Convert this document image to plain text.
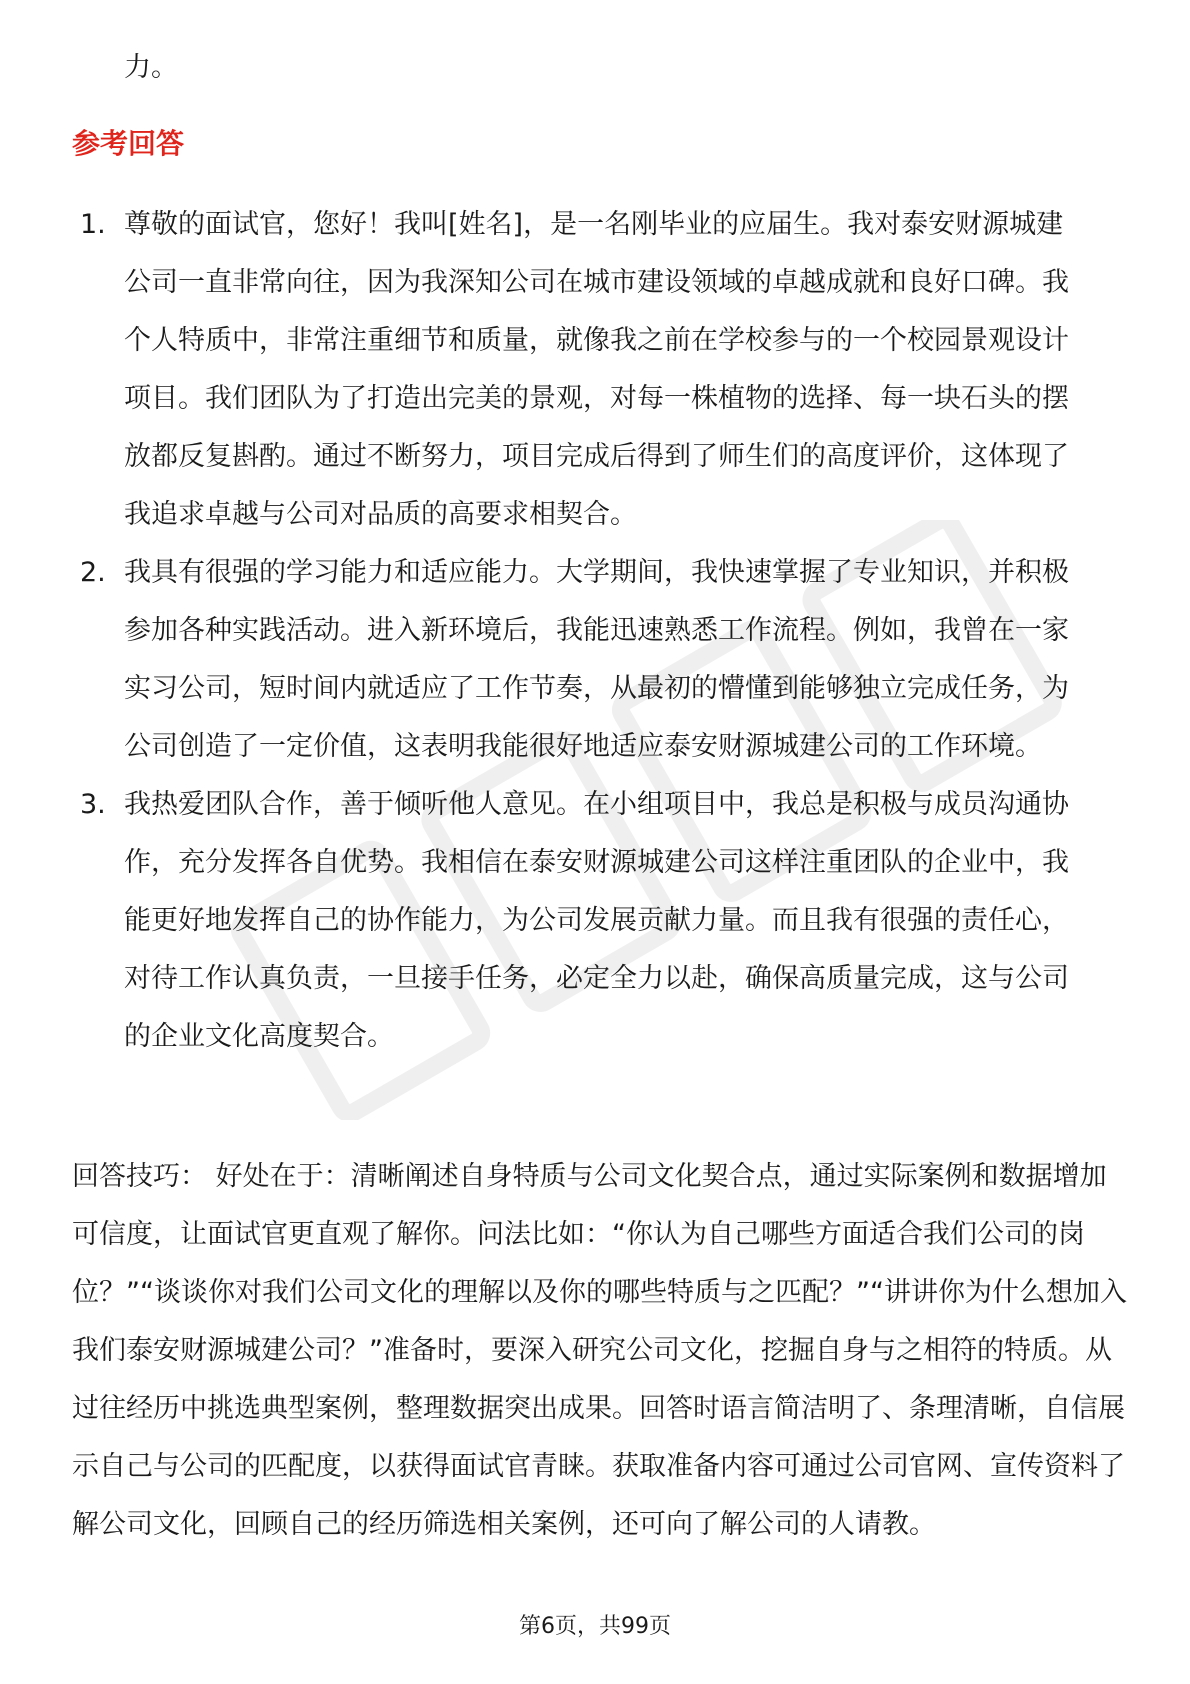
力。
参考回答
1. 尊敬的面试官，您好！我叫[姓名]，是一名刚毕业的应届生。我对泰安财源城建公司一直非常向往，因为我深知公司在城市建设领域的卓越成就和良好口碑。我个人特质中，非常注重细节和质量，就像我之前在学校参与的一个校园景观设计项目。我们团队为了打造出完美的景观，对每一株植物的选择、每一块石头的摆放都反复斟酌。通过不断努力，项目完成后得到了师生们的高度评价，这体现了我追求卓越与公司对品质的高要求相契合。
2. 我具有很强的学习能力和适应能力。大学期间，我快速掌握了专业知识，并积极参加各种实践活动。进入新环境后，我能迅速熟悉工作流程。例如，我曾在一家实习公司，短时间内就适应了工作节奏，从最初的懵懂到能够独立完成任务，为公司创造了一定价值，这表明我能很好地适应泰安财源城建公司的工作环境。
3. 我热爱团队合作，善于倾听他人意见。在小组项目中，我总是积极与成员沟通协作，充分发挥各自优势。我相信在泰安财源城建公司这样注重团队的企业中，我能更好地发挥自己的协作能力，为公司发展贡献力量。而且我有很强的责任心，对待工作认真负责，一旦接手任务，必定全力以赴，确保高质量完成，这与公司的企业文化高度契合。

回答技巧： 好处在于：清晰阐述自身特质与公司文化契合点，通过实际案例和数据增加可信度，让面试官更直观了解你。问法比如：“你认为自己哪些方面适合我们公司的岗位？”“谈谈你对我们公司文化的理解以及你的哪些特质与之匹配？”“讲讲你为什么想加入我们泰安财源城建公司？”准备时，要深入研究公司文化，挖掘自身与之相符的特质。从过往经历中挑选典型案例，整理数据突出成果。回答时语言简洁明了、条理清晰，自信展示自己与公司的匹配度，以获得面试官青睐。获取准备内容可通过公司官网、宣传资料了解公司文化，回顾自己的经历筛选相关案例，还可向了解公司的人请教。

第6页，共99页
